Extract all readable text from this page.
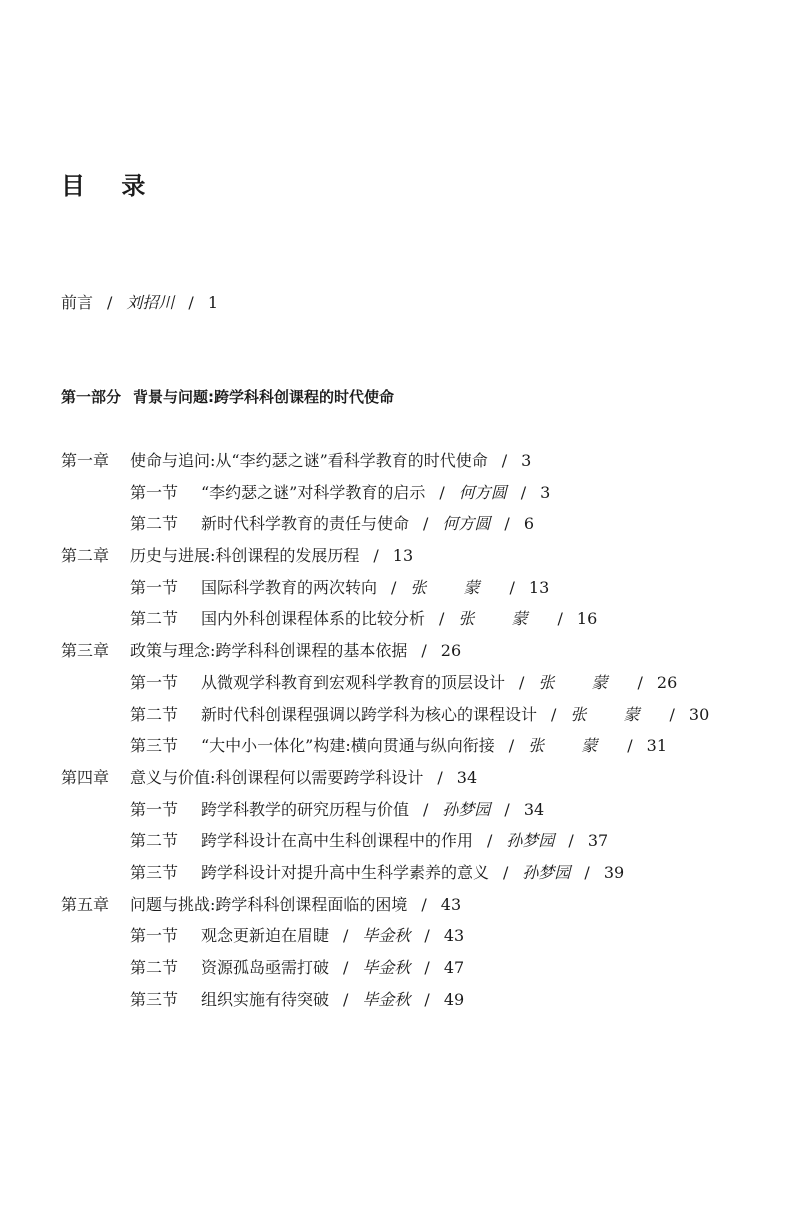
目 录
前言 / 刘招川 / 1
第一部分 背景与问题:跨学科科创课程的时代使命
第一章 使命与追问:从“李约瑟之谜”看科学教育的时代使命 / 3
第一节 “李约瑟之谜”对科学教育的启示 / 何方圆 / 3
第二节 新时代科学教育的责任与使命 / 何方圆 / 6
第二章 历史与进展:科创课程的发展历程 / 13
第一节 国际科学教育的两次转向 / 张 蒙 / 13
第二节 国内外科创课程体系的比较分析 / 张 蒙 / 16
第三章 政策与理念:跨学科科创课程的基本依据 / 26
第一节 从微观学科教育到宏观科学教育的顶层设计 / 张 蒙 / 26
第二节 新时代科创课程强调以跨学科为核心的课程设计 / 张 蒙 / 30
第三节 “大中小一体化”构建:横向贯通与纵向衔接 / 张 蒙 / 31
第四章 意义与价值:科创课程何以需要跨学科设计 / 34
第一节 跨学科教学的研究历程与价值 / 孙梦园 / 34
第二节 跨学科设计在高中生科创课程中的作用 / 孙梦园 / 37
第三节 跨学科设计对提升高中生科学素养的意义 / 孙梦园 / 39
第五章 问题与挑战:跨学科科创课程面临的困境 / 43
第一节 观念更新迫在眉睫 / 毕金秋 / 43
第二节 资源孤岛亟需打破 / 毕金秋 / 47
第三节 组织实施有待突破 / 毕金秋 / 49
